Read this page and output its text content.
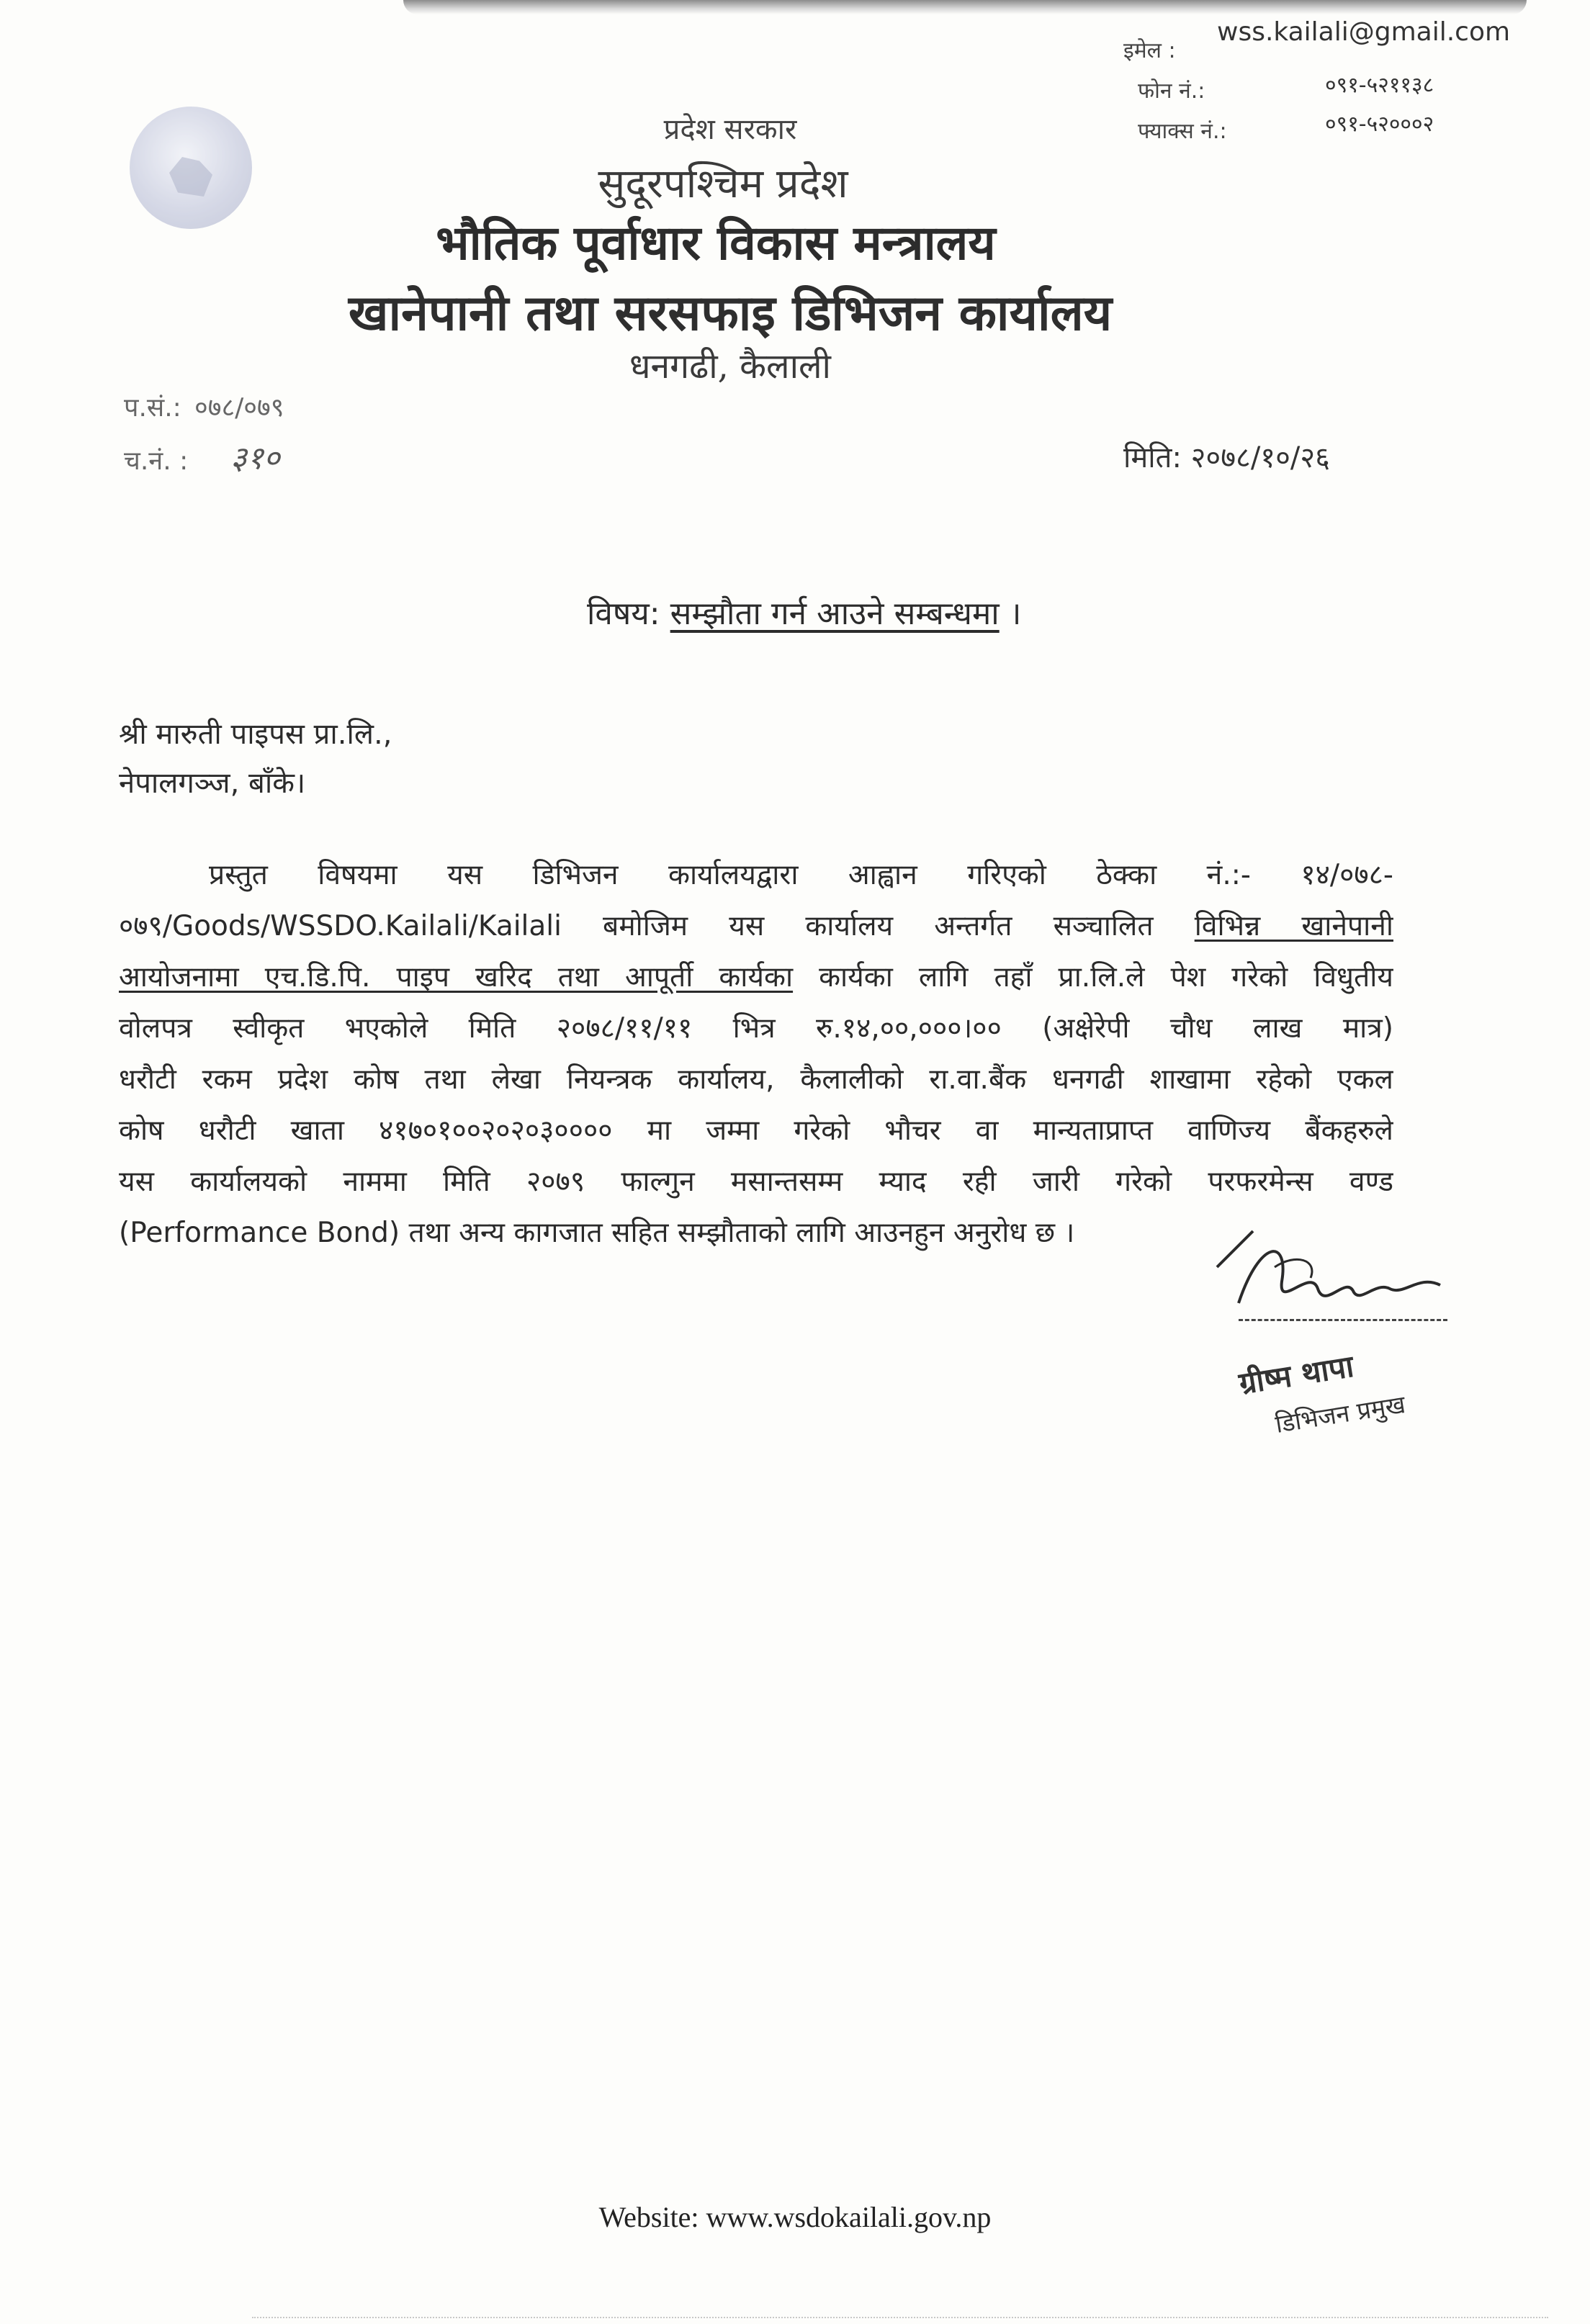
इमेल :
wss.kailali@gmail.com
फोन नं.:	०९१-५२११३८
फ्याक्स नं.:	०९१-५२०००२
प्रदेश सरकार
सुदूरपश्चिम प्रदेश
भौतिक पूर्वाधार विकास मन्त्रालय
खानेपानी तथा सरसफाइ डिभिजन कार्यालय
धनगढी, कैलाली
प.सं.: ०७८/०७९
च.नं. : ३१०	मिति: २०७८/१०/२६
विषय: सम्झौता गर्न आउने सम्बन्धमा ।
श्री मारुती पाइपस प्रा.लि.,
नेपालगञ्ज, बाँके।
प्रस्तुत विषयमा यस डिभिजन कार्यालयद्वारा आह्वान गरिएको ठेक्का नं.:- १४/०७८-
०७९/Goods/WSSDO.Kailali/Kailali बमोजिम यस कार्यालय अन्तर्गत सञ्चालित विभिन्न खानेपानी
आयोजनामा एच.डि.पि. पाइप खरिद तथा आपूर्ती कार्यका कार्यका लागि तहाँ प्रा.लि.ले पेश गरेको विधुतीय
वोलपत्र स्वीकृत भएकोले मिति २०७८/११/११ भित्र रु.१४,००,०००।०० (अक्षेरेपी चौध लाख मात्र)
धरौटी रकम प्रदेश कोष तथा लेखा नियन्त्रक कार्यालय, कैलालीको रा.वा.बैंक धनगढी शाखामा रहेको एकल
कोष धरौटी खाता ४१७०१००२०२०३०००० मा जम्मा गरेको भौचर वा मान्यताप्राप्त वाणिज्य बैंकहरुले
यस कार्यालयको नाममा मिति २०७९ फाल्गुन मसान्तसम्म म्याद रही जारी गरेको परफरमेन्स वण्ड
(Performance Bond) तथा अन्य कागजात सहित सम्झौताको लागि आउनहुन अनुरोध छ ।
ग्रीष्म थापा
डिभिजन प्रमुख
Website: www.wsdokailali.gov.np
